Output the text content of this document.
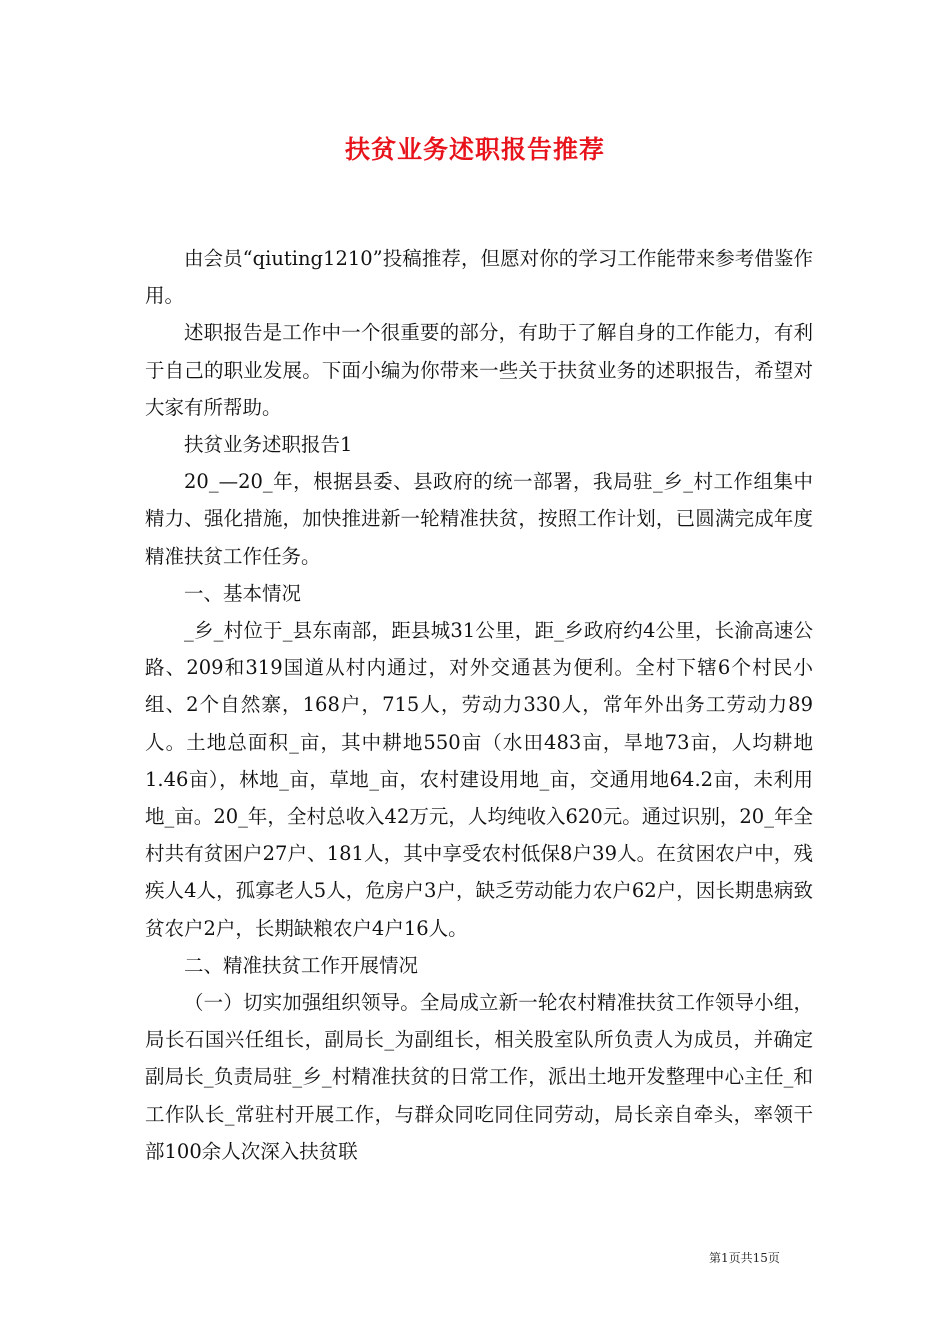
扶贫业务述职报告推荐

由会员“qiuting1210”投稿推荐，但愿对你的学习工作能带来参考借鉴作用。

述职报告是工作中一个很重要的部分，有助于了解自身的工作能力，有利于自己的职业发展。下面小编为你带来一些关于扶贫业务的述职报告，希望对大家有所帮助。

扶贫业务述职报告1

20_—20_年，根据县委、县政府的统一部署，我局驻_乡_村工作组集中精力、强化措施，加快推进新一轮精准扶贫，按照工作计划，已圆满完成年度精准扶贫工作任务。

一、基本情况

_乡_村位于_县东南部，距县城31公里，距_乡政府约4公里，长渝高速公路、209和319国道从村内通过，对外交通甚为便利。全村下辖6个村民小组、2个自然寨，168户，715人，劳动力330人，常年外出务工劳动力89人。土地总面积_亩，其中耕地550亩（水田483亩，旱地73亩，人均耕地1.46亩），林地_亩，草地_亩，农村建设用地_亩，交通用地64.2亩，未利用地_亩。20_年，全村总收入42万元，人均纯收入620元。通过识别，20_年全村共有贫困户27户、181人，其中享受农村低保8户39人。在贫困农户中，残疾人4人，孤寡老人5人，危房户3户，缺乏劳动能力农户62户，因长期患病致贫农户2户，长期缺粮农户4户16人。

二、精准扶贫工作开展情况

（一）切实加强组织领导。全局成立新一轮农村精准扶贫工作领导小组，局长石国兴任组长，副局长_为副组长，相关股室队所负责人为成员，并确定副局长_负责局驻_乡_村精准扶贫的日常工作，派出土地开发整理中心主任_和工作队长_常驻村开展工作，与群众同吃同住同劳动，局长亲自牵头，率领干部100余人次深入扶贫联

第1页共15页
